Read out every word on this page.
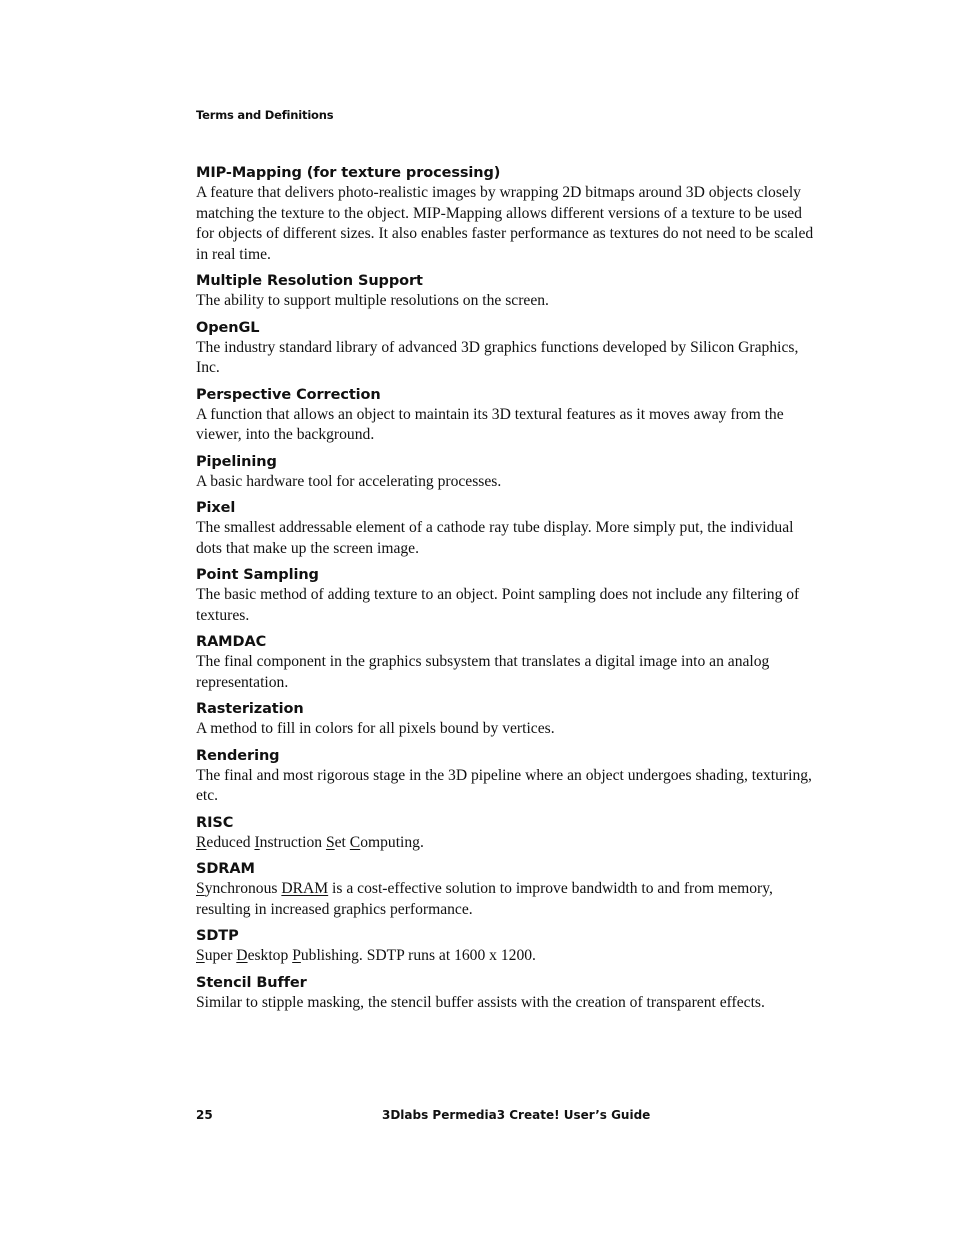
Terms and Definitions
MIP-Mapping (for texture processing)
A feature that delivers photo-realistic images by wrapping 2D bitmaps around 3D objects closely matching the texture to the object. MIP-Mapping allows different versions of a texture to be used for objects of different sizes. It also enables faster performance as textures do not need to be scaled in real time.
Multiple Resolution Support
The ability to support multiple resolutions on the screen.
OpenGL
The industry standard library of advanced 3D graphics functions developed by Silicon Graphics, Inc.
Perspective Correction
A function that allows an object to maintain its 3D textural features as it moves away from the viewer, into the background.
Pipelining
A basic hardware tool for accelerating processes.
Pixel
The smallest addressable element of a cathode ray tube display. More simply put, the individual dots that make up the screen image.
Point Sampling
The basic method of adding texture to an object. Point sampling does not include any filtering of textures.
RAMDAC
The final component in the graphics subsystem that translates a digital image into an analog representation.
Rasterization
A method to fill in colors for all pixels bound by vertices.
Rendering
The final and most rigorous stage in the 3D pipeline where an object undergoes shading, texturing, etc.
RISC
Reduced Instruction Set Computing.
SDRAM
Synchronous DRAM is a cost-effective solution to improve bandwidth to and from memory, resulting in increased graphics performance.
SDTP
Super Desktop Publishing. SDTP runs at 1600 x 1200.
Stencil Buffer
Similar to stipple masking, the stencil buffer assists with the creation of transparent effects.
25	3Dlabs Permedia3 Create! User’s Guide
